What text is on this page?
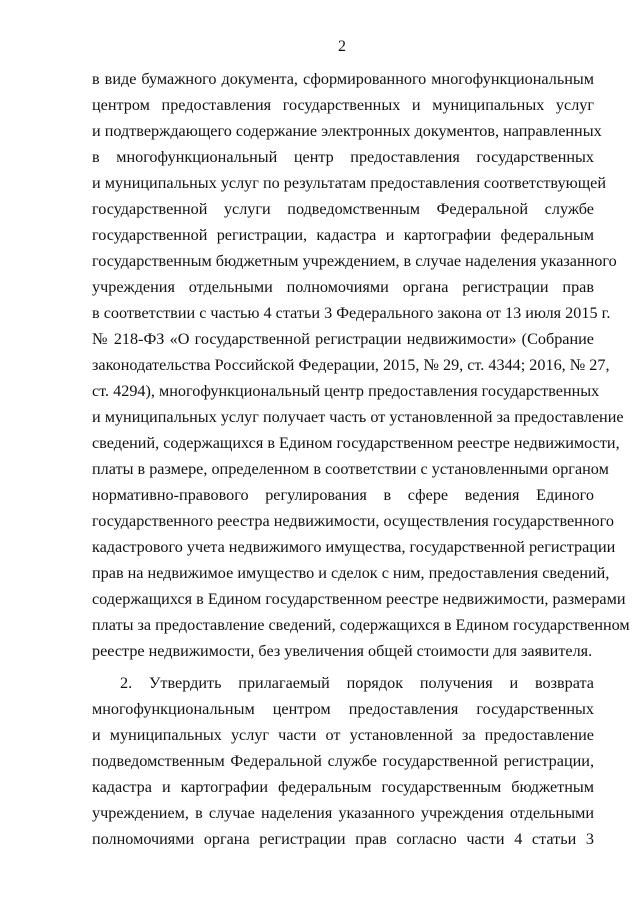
2
в виде бумажного документа, сформированного многофункциональным
центром предоставления государственных и муниципальных услуг
и подтверждающего содержание электронных документов, направленных
в многофункциональный центр предоставления государственных
и муниципальных услуг по результатам предоставления соответствующей
государственной услуги подведомственным Федеральной службе
государственной регистрации, кадастра и картографии федеральным
государственным бюджетным учреждением, в случае наделения указанного
учреждения отдельными полномочиями органа регистрации прав
в соответствии с частью 4 статьи 3 Федерального закона от 13 июля 2015 г.
№ 218-ФЗ «О государственной регистрации недвижимости» (Собрание
законодательства Российской Федерации, 2015, № 29, ст. 4344; 2016, № 27,
ст. 4294), многофункциональный центр предоставления государственных
и муниципальных услуг получает часть от установленной за предоставление
сведений, содержащихся в Едином государственном реестре недвижимости,
платы в размере, определенном в соответствии с установленными органом
нормативно-правового регулирования в сфере ведения Единого
государственного реестра недвижимости, осуществления государственного
кадастрового учета недвижимого имущества, государственной регистрации
прав на недвижимое имущество и сделок с ним, предоставления сведений,
содержащихся в Едином государственном реестре недвижимости, размерами
платы за предоставление сведений, содержащихся в Едином государственном
реестре недвижимости, без увеличения общей стоимости для заявителя.
2. Утвердить прилагаемый порядок получения и возврата
многофункциональным центром предоставления государственных
и муниципальных услуг части от установленной за предоставление
подведомственным Федеральной службе государственной регистрации,
кадастра и картографии федеральным государственным бюджетным
учреждением, в случае наделения указанного учреждения отдельными
полномочиями органа регистрации прав согласно части 4 статьи 3
